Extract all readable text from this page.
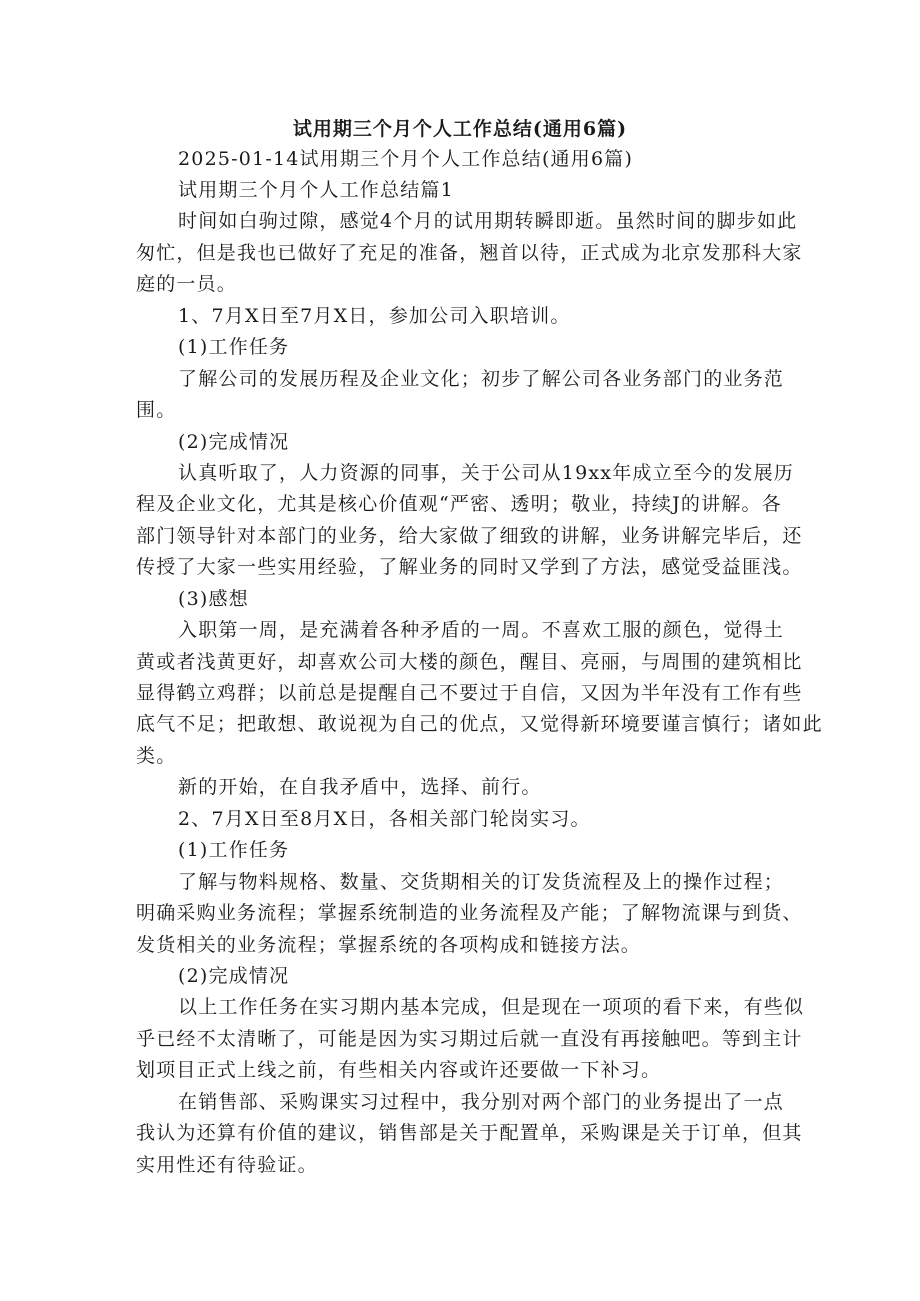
试用期三个月个人工作总结(通用6篇)

2025-01-14试用期三个月个人工作总结(通用6篇)

试用期三个月个人工作总结篇1

时间如白驹过隙，感觉4个月的试用期转瞬即逝。虽然时间的脚步如此

匆忙，但是我也已做好了充足的准备，翘首以待，正式成为北京发那科大家

庭的一员。

1、7月X日至7月X日，参加公司入职培训。

(1)工作任务

了解公司的发展历程及企业文化；初步了解公司各业务部门的业务范

围。

(2)完成情况

认真听取了，人力资源的同事，关于公司从19xx年成立至今的发展历

程及企业文化，尤其是核心价值观“严密、透明；敬业，持续J的讲解。各

部门领导针对本部门的业务，给大家做了细致的讲解，业务讲解完毕后，还

传授了大家一些实用经验，了解业务的同时又学到了方法，感觉受益匪浅。

(3)感想

入职第一周，是充满着各种矛盾的一周。不喜欢工服的颜色，觉得土

黄或者浅黄更好，却喜欢公司大楼的颜色，醒目、亮丽，与周围的建筑相比

显得鹤立鸡群；以前总是提醒自己不要过于自信，又因为半年没有工作有些

底气不足；把敢想、敢说视为自己的优点，又觉得新环境要谨言慎行；诸如此

类。

新的开始，在自我矛盾中，选择、前行。

2、7月X日至8月X日，各相关部门轮岗实习。

(1)工作任务

了解与物料规格、数量、交货期相关的订发货流程及上的操作过程；

明确采购业务流程；掌握系统制造的业务流程及产能；了解物流课与到货、

发货相关的业务流程；掌握系统的各项构成和链接方法。

(2)完成情况

以上工作任务在实习期内基本完成，但是现在一项项的看下来，有些似

乎已经不太清晰了，可能是因为实习期过后就一直没有再接触吧。等到主计

划项目正式上线之前，有些相关内容或许还要做一下补习。

在销售部、采购课实习过程中，我分别对两个部门的业务提出了一点

我认为还算有价值的建议，销售部是关于配置单，采购课是关于订单，但其

实用性还有待验证。
